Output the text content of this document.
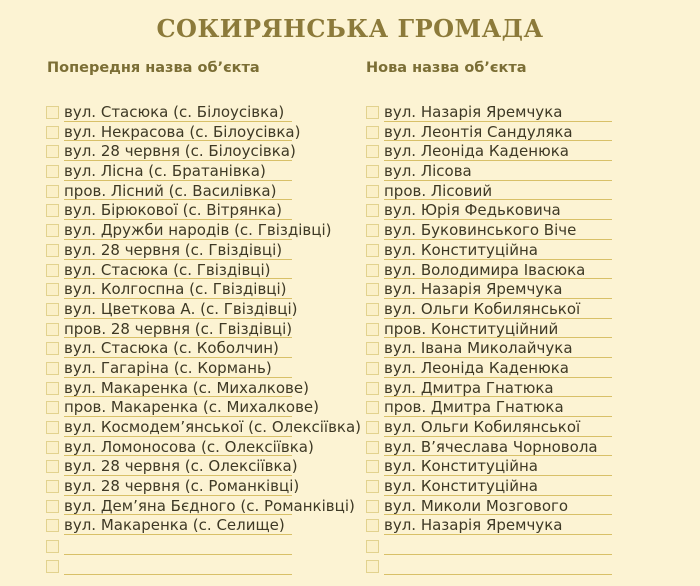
СОКИРЯНСЬКА ГРОМАДА
Попередня назва об’єкта	Нова назва об’єкта
вул. Стасюка (с. Білоусівка)
вул. Некрасова (с. Білоусівка)
вул. 28 червня (с. Білоусівка)
вул. Лісна (с. Братанівка)
пров. Лісний (с. Василівка)
вул. Бірюкової (с. Вітрянка)
вул. Дружби народів (с. Гвіздівці)
вул. 28 червня (с. Гвіздівці)
вул. Стасюка (с. Гвіздівці)
вул. Колгоспна (с. Гвіздівці)
вул. Цветкова А. (с. Гвіздівці)
пров. 28 червня (с. Гвіздівці)
вул. Стасюка (с. Коболчин)
вул. Гагаріна (с. Кормань)
вул. Макаренка (с. Михалкове)
пров. Макаренка (с. Михалкове)
вул. Космодем’янської (с. Олексіївка)
вул. Ломоносова (с. Олексіївка)
вул. 28 червня (с. Олексіївка)
вул. 28 червня (с. Романківці)
вул. Дем’яна Бєдного (с. Романківці)
вул. Макаренка (с. Селище)
вул. Назарія Яремчука
вул. Леонтія Сандуляка
вул. Леоніда Каденюка
вул. Лісова
пров. Лісовий
вул. Юрія Федьковича
вул. Буковинського Віче
вул. Конституційна
вул. Володимира Івасюка
вул. Назарія Яремчука
вул. Ольги Кобилянської
пров. Конституційний
вул. Івана Миколайчука
вул. Леоніда Каденюка
вул. Дмитра Гнатюка
пров. Дмитра Гнатюка
вул. Ольги Кобилянської
вул. В’ячеслава Чорновола
вул. Конституційна
вул. Конституційна
вул. Миколи Мозгового
вул. Назарія Яремчука
